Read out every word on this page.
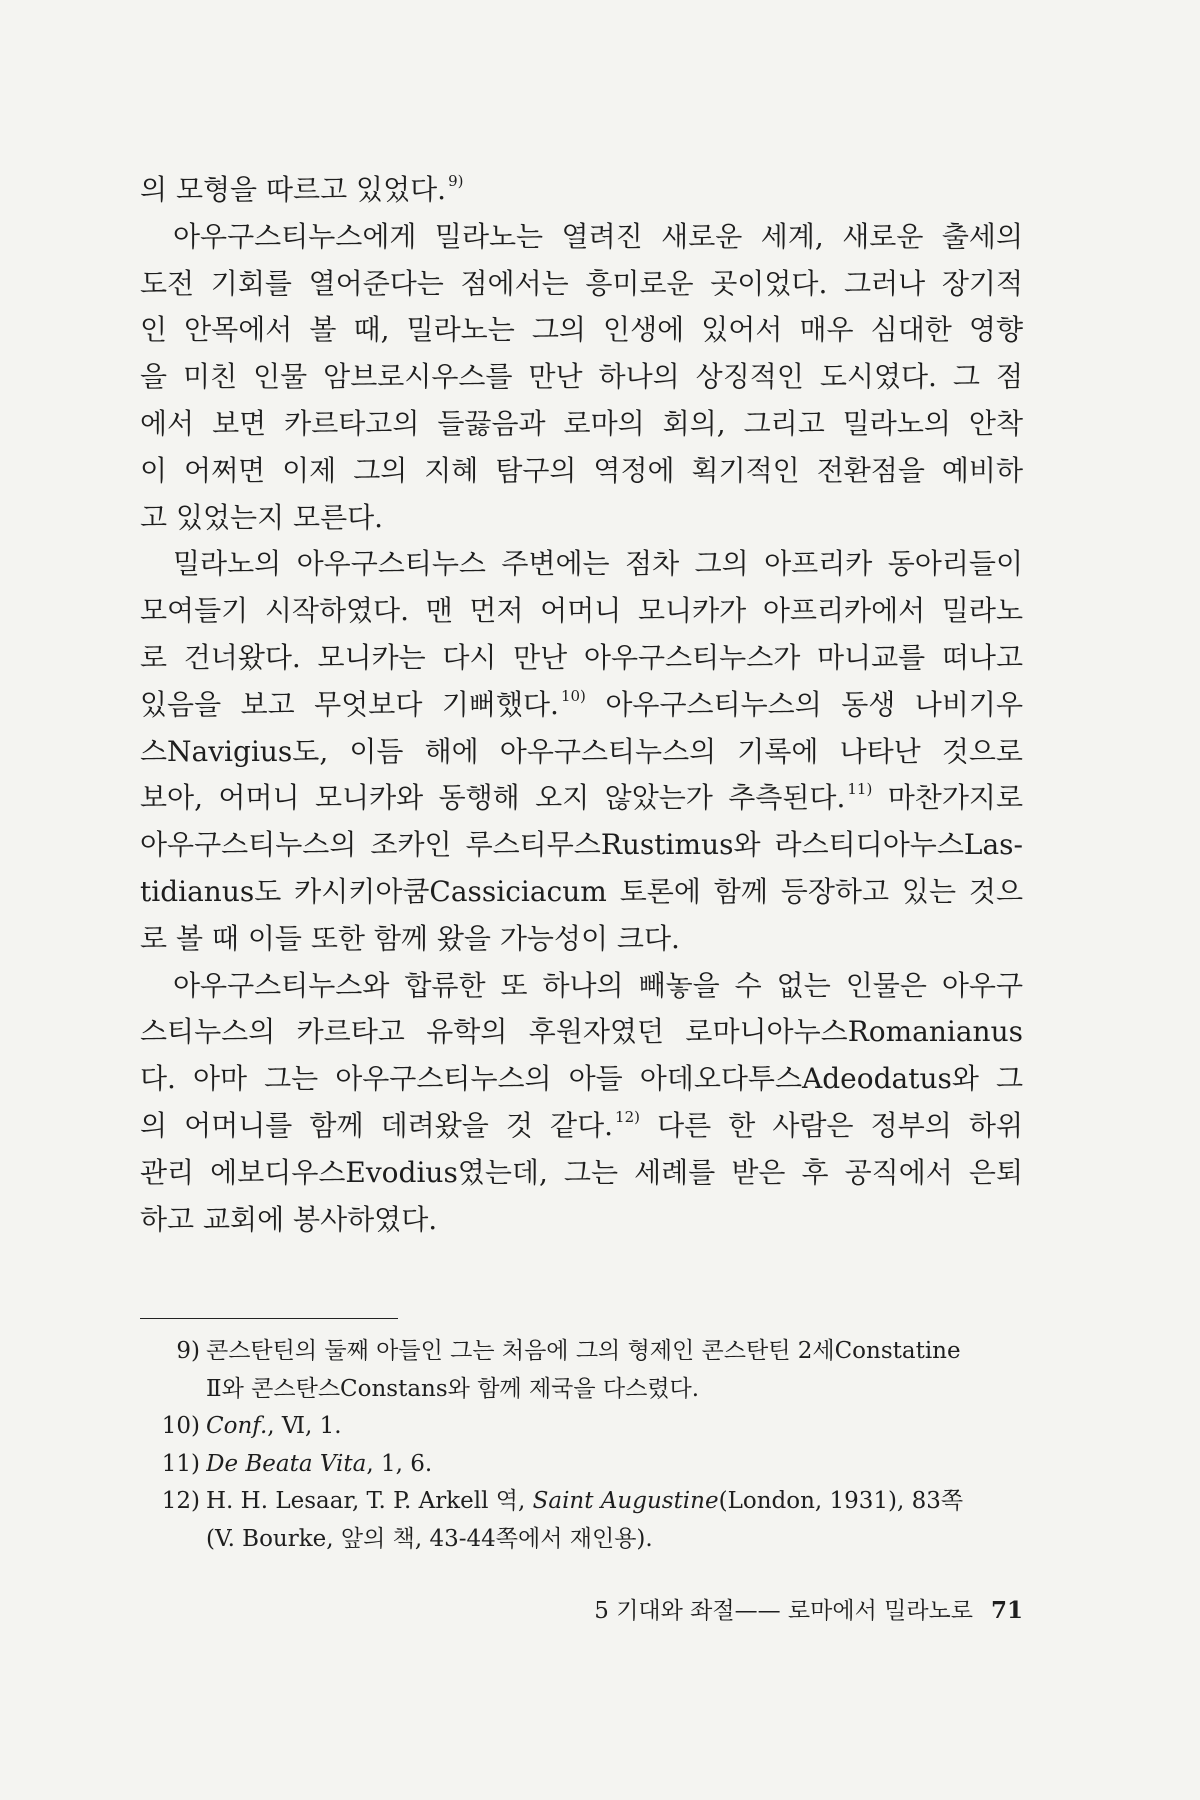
의 모형을 따르고 있었다. $^{9)}$
아우구스티누스에게 밀라노는 열려진 새로운 세계, 새로운 출세의
도전 기회를 열어준다는 점에서는 흥미로운 곳이었다. 그러나 장기적
인 안목에서 볼 때, 밀라노는 그의 인생에 있어서 매우 심대한 영향
을 미친 인물 암브로시우스를 만난 하나의 상징적인 도시였다. 그 점
에서 보면 카르타고의 들끓음과 로마의 회의, 그리고 밀라노의 안착
이 어쩌면 이제 그의 지혜 탐구의 역정에 획기적인 전환점을 예비하
고 있었는지 모른다.
밀라노의 아우구스티누스 주변에는 점차 그의 아프리카 동아리들이
모여들기 시작하였다. 맨 먼저 어머니 모니카가 아프리카에서 밀라노
로 건너왔다. 모니카는 다시 만난 아우구스티누스가 마니교를 떠나고
있음을 보고 무엇보다 기뻐했다. $^{10)}$ 아우구스티누스의 동생 나비기우
스Navigius도, 이듬 해에 아우구스티누스의 기록에 나타난 것으로
보아, 어머니 모니카와 동행해 오지 않았는가 추측된다. $^{11)}$ 마찬가지로
아우구스티누스의 조카인 루스티무스Rustimus와 라스티디아누스Las-
tidianus도 카시키아쿰Cassiciacum 토론에 함께 등장하고 있는 것으
로 볼 때 이들 또한 함께 왔을 가능성이 크다.
아우구스티누스와 합류한 또 하나의 빼놓을 수 없는 인물은 아우구
스티누스의 카르타고 유학의 후원자였던 로마니아누스Romanianus
다. 아마 그는 아우구스티누스의 아들 아데오다투스Adeodatus와 그
의 어머니를 함께 데려왔을 것 같다. $^{12)}$ 다른 한 사람은 정부의 하위
관리 에보디우스Evodius였는데, 그는 세례를 받은 후 공직에서 은퇴
하고 교회에 봉사하였다.
9) 콘스탄틴의 둘째 아들인 그는 처음에 그의 형제인 콘스탄틴 2세Constatine
Ⅱ와 콘스탄스Constans와 함께 제국을 다스렸다.
10) Conf., Ⅵ, 1.
11) De Beata Vita, 1, 6.
12) H. H. Lesaar, T. P. Arkell 역, Saint Augustine(London, 1931), 83쪽
(V. Bourke, 앞의 책, 43-44쪽에서 재인용).
5 기대와 좌절—— 로마에서 밀라노로 71
